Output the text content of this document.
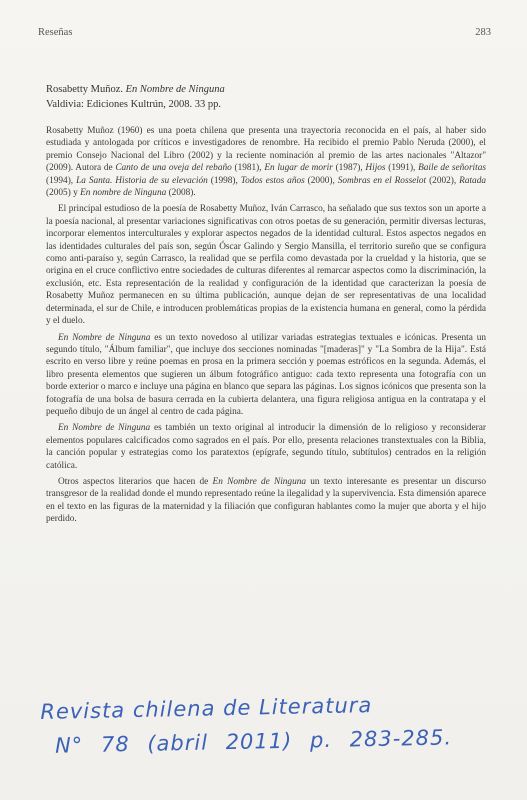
Reseñas	283
Rosabetty Muñoz. En Nombre de Ninguna
Valdivia: Ediciones Kultrún, 2008. 33 pp.

Rosabetty Muñoz (1960) es una poeta chilena que presenta una trayectoria reconocida en el país, al haber sido estudiada y antologada por críticos e investigadores de renombre. Ha recibido el premio Pablo Neruda (2000), el premio Consejo Nacional del Libro (2002) y la reciente nominación al premio de las artes nacionales "Altazor" (2009). Autora de Canto de una oveja del rebaño (1981), En lugar de morir (1987), Hijos (1991), Baile de señoritas (1994), La Santa. Historia de su elevación (1998), Todos estos años (2000), Sombras en el Rosselot (2002), Ratada (2005) y En nombre de Ninguna (2008).

El principal estudioso de la poesía de Rosabetty Muñoz, Iván Carrasco, ha señalado que sus textos son un aporte a la poesía nacional, al presentar variaciones significativas con otros poetas de su generación, permitir diversas lecturas, incorporar elementos interculturales y explorar aspectos negados de la identidad cultural. Estos aspectos negados en las identidades culturales del país son, según Óscar Galindo y Sergio Mansilla, el territorio sureño que se configura como anti-paraíso y, según Carrasco, la realidad que se perfila como devastada por la crueldad y la historia, que se origina en el cruce conflictivo entre sociedades de culturas diferentes al remarcar aspectos como la discriminación, la exclusión, etc. Esta representación de la realidad y configuración de la identidad que caracterizan la poesía de Rosabetty Muñoz permanecen en su última publicación, aunque dejan de ser representativas de una localidad determinada, el sur de Chile, e introducen problemáticas propias de la existencia humana en general, como la pérdida y el duelo.

En Nombre de Ninguna es un texto novedoso al utilizar variadas estrategias textuales e icónicas. Presenta un segundo título, "Álbum familiar", que incluye dos secciones nominadas "[maderas]" y "La Sombra de la Hija". Está escrito en verso libre y reúne poemas en prosa en la primera sección y poemas estróficos en la segunda. Además, el libro presenta elementos que sugieren un álbum fotográfico antiguo: cada texto representa una fotografía con un borde exterior o marco e incluye una página en blanco que separa las páginas. Los signos icónicos que presenta son la fotografía de una bolsa de basura cerrada en la cubierta delantera, una figura religiosa antigua en la contratapa y el pequeño dibujo de un ángel al centro de cada página.

En Nombre de Ninguna es también un texto original al introducir la dimensión de lo religioso y reconsiderar elementos populares calcificados como sagrados en el país. Por ello, presenta relaciones transtextuales con la Biblia, la canción popular y estrategias como los paratextos (epígrafe, segundo título, subtítulos) centrados en la religión católica.

Otros aspectos literarios que hacen de En Nombre de Ninguna un texto interesante es presentar un discurso transgresor de la realidad donde el mundo representado reúne la ilegalidad y la supervivencia. Esta dimensión aparece en el texto en las figuras de la maternidad y la filiación que configuran hablantes como la mujer que aborta y el hijo perdido.

Revista chilena de Literatura
N° 78 (abril 2011) p. 283-285.
